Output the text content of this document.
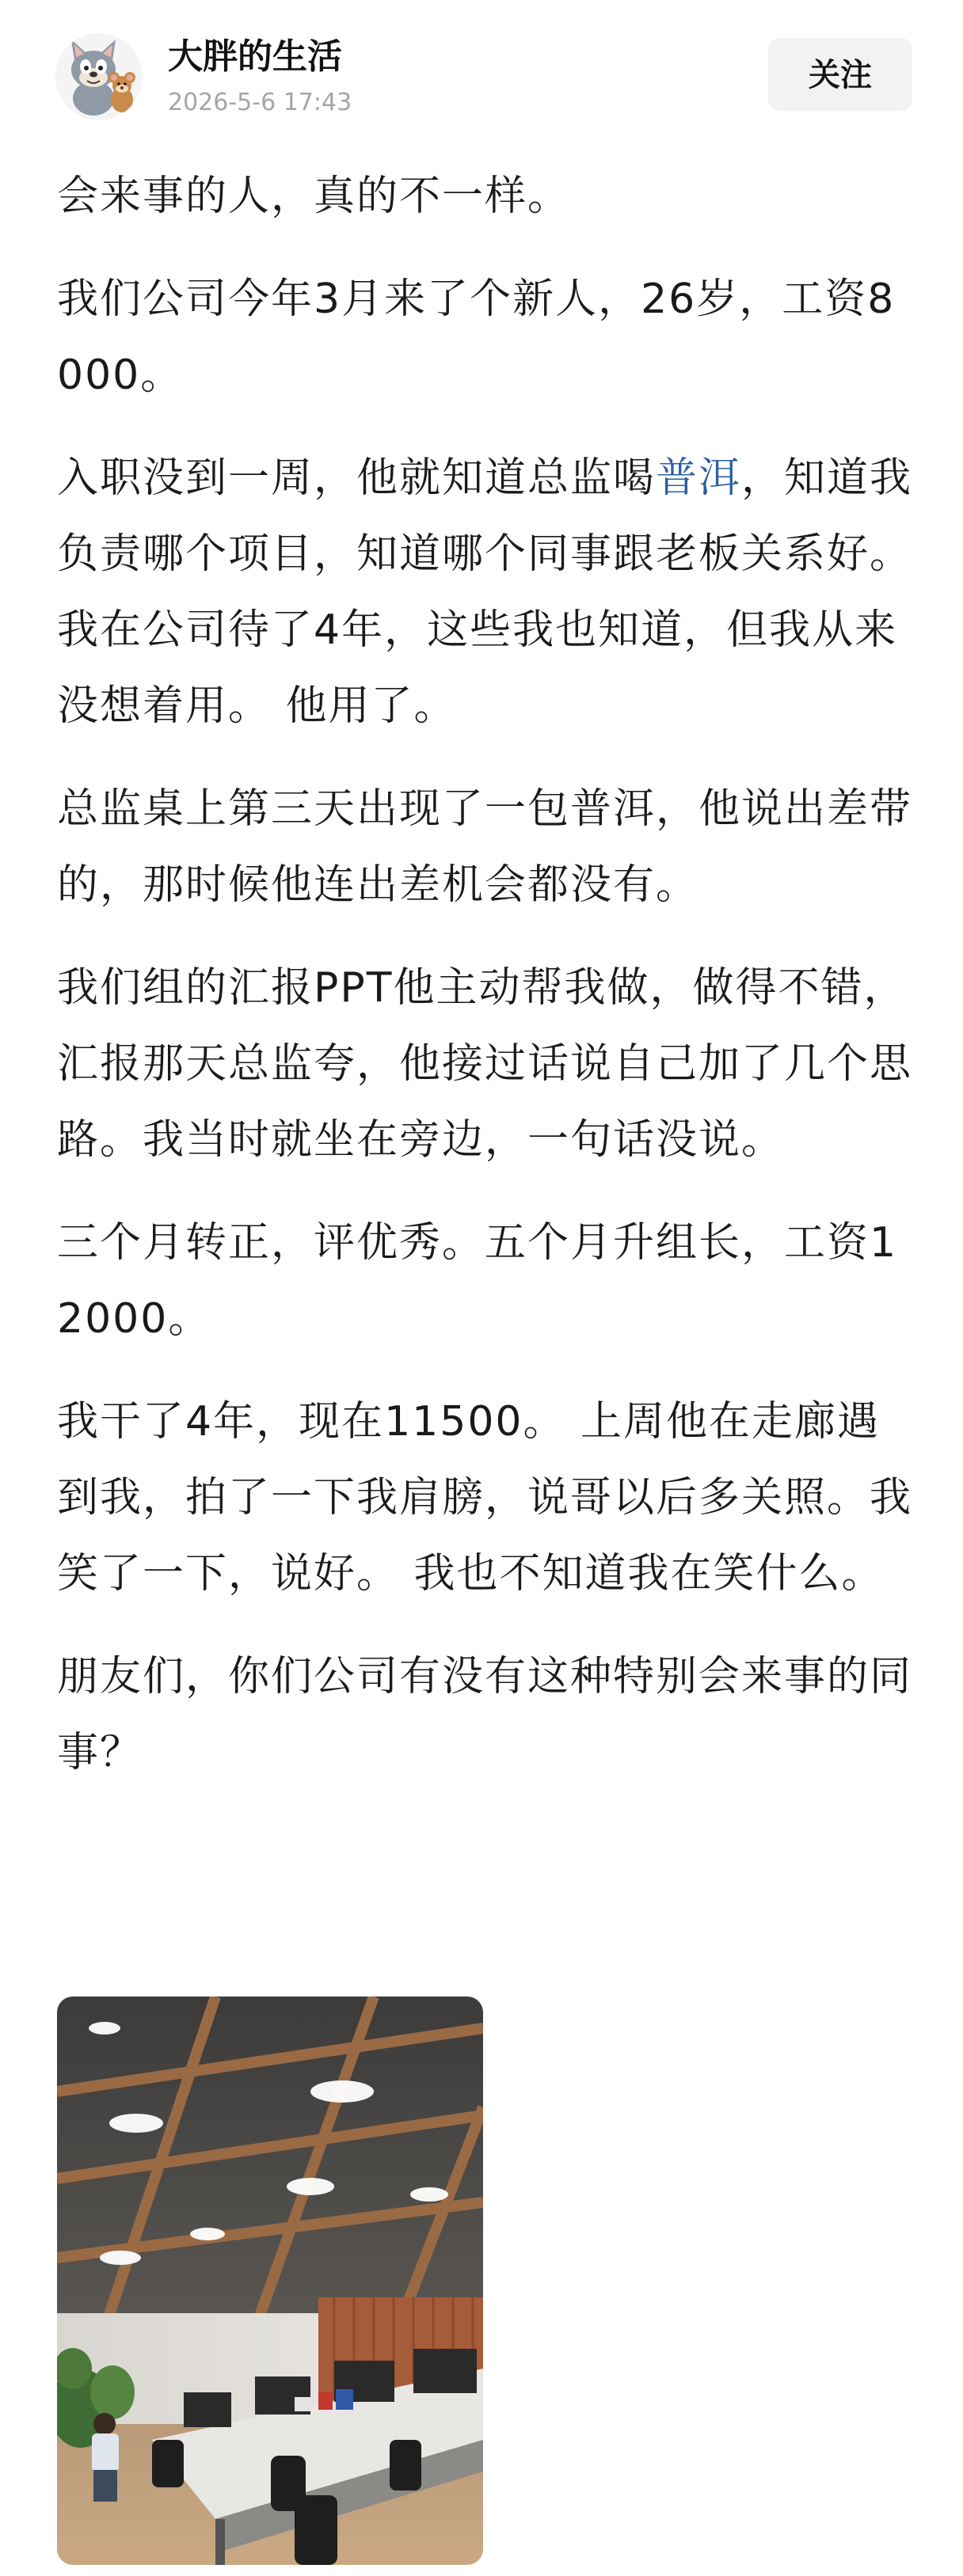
大胖的生活
2026-5-6 17:43
关注

会来事的人，真的不一样。

我们公司今年3月来了个新人，26岁，工资8000。

入职没到一周，他就知道总监喝普洱，知道我负责哪个项目，知道哪个同事跟老板关系好。我在公司待了4年，这些我也知道，但我从来没想着用。 他用了。

总监桌上第三天出现了一包普洱，他说出差带的，那时候他连出差机会都没有。

我们组的汇报PPT他主动帮我做，做得不错，汇报那天总监夸，他接过话说自己加了几个思路。我当时就坐在旁边，一句话没说。

三个月转正，评优秀。五个月升组长，工资12000。

我干了4年，现在11500。 上周他在走廊遇到我，拍了一下我肩膀，说哥以后多关照。我笑了一下，说好。 我也不知道我在笑什么。

朋友们，你们公司有没有这种特别会来事的同事？
